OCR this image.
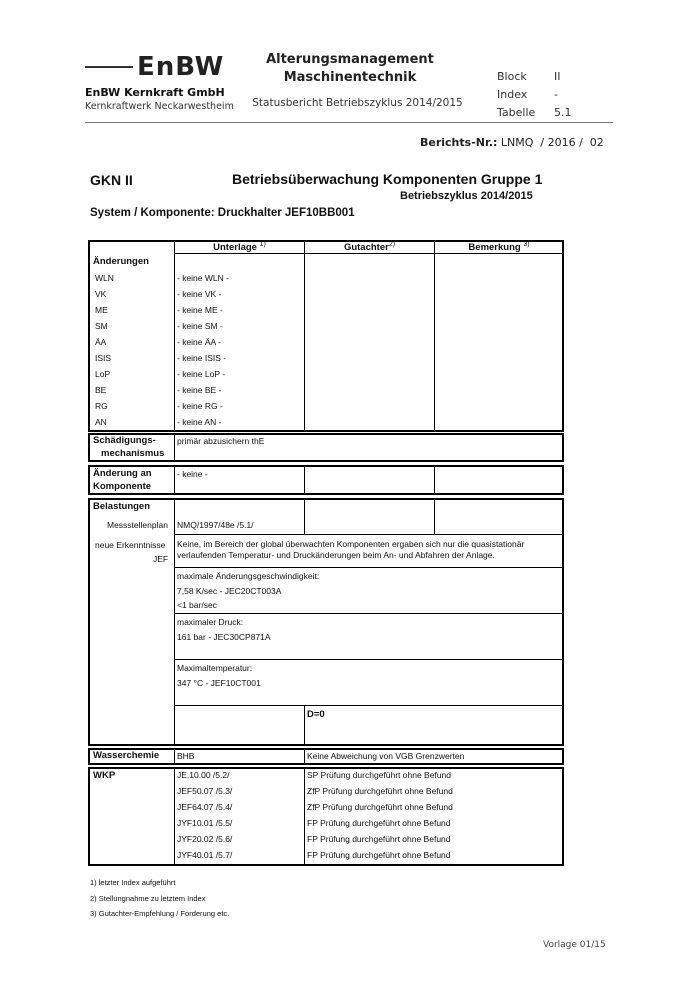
EnBW
EnBW Kernkraft GmbH
Kernkraftwerk Neckarwestheim
Alterungsmanagement
Maschinentechnik
Statusbericht Betriebszyklus 2014/2015
Block II
Index -
Tabelle 5.1
Berichts-Nr.: LNMQ  / 2016 /  02
GKN II	Betriebsüberwachung Komponenten Gruppe 1
Betriebszyklus 2014/2015
System / Komponente: Druckhalter JEF10BB001
Unterlage $^{1)}$	Gutachter$^{2)}$	Bemerkung $^{3)}$
Änderungen
WLN	- keine WLN -
VK	- keine VK -
ME	- keine ME -
SM	- keine SM -
ÄA	- keine ÄA -
ISIS	- keine ISIS -
LoP	- keine LoP -
BE	- keine BE -
RG	- keine RG -
AN	- keine AN -
Schädigungs-
mechanismus
primär abzusichern thE
Änderung an
Komponente
- keine -
Belastungen
Messstellenplan NMQ/1997/48e /5.1/
neue Erkenntnisse
JEF
Keine, im Bereich der global überwachten Komponenten ergaben sich nur die quasistationär
verlaufenden Temperatur- und Druckänderungen beim An- und Abfahren der Anlage.
maximale Änderungsgeschwindigkeit:
7,58 K/sec - JEC20CT003A
<1 bar/sec
maximaler Druck:
161 bar - JEC30CP871A
Maximaltemperatur:
347 °C - JEF10CT001
D=0
Wasserchemie BHB	Keine Abweichung von VGB Grenzwerten
WKP	JE.10.00 /5.2/	SP Prüfung durchgeführt ohne Befund
JEF50.07 /5.3/	ZfP Prüfung durchgeführt ohne Befund
JEF64.07 /5.4/	ZfP Prüfung durchgeführt ohne Befund
JYF10.01 /5.5/	FP Prüfung durchgeführt ohne Befund
JYF20.02 /5.6/	FP Prüfung durchgeführt ohne Befund
JYF40.01 /5.7/	FP Prüfung durchgeführt ohne Befund
1) letzter Index aufgeführt
2) Stellungnahme zu letztem Index
3) Gutachter-Empfehlung / Forderung etc.
Vorlage 01/15
